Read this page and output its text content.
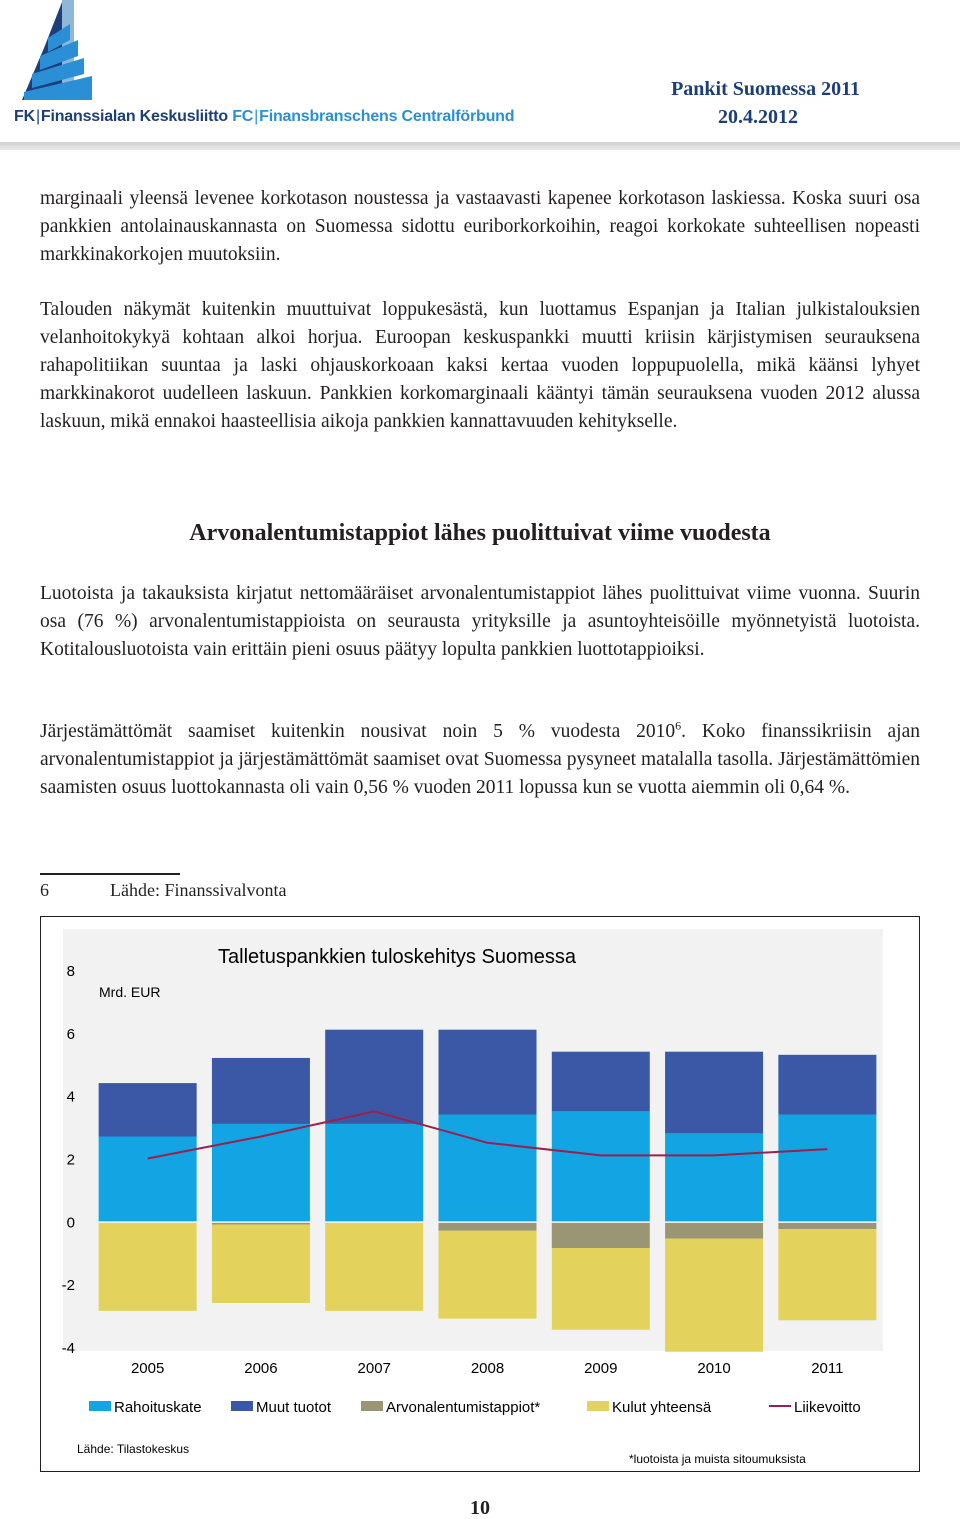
FK|Finanssialan Keskusliitto FC|Finansbranschens Centralförbund
Pankit Suomessa 2011
20.4.2012

marginaali yleensä levenee korkotason noustessa ja vastaavasti kapenee korkotason laskiessa. Koska suuri osa pankkien antolainauskannasta on Suomessa sidottu euriborkorkoihin, reagoi korkokate suhteellisen nopeasti markkinakorkojen muutoksiin.

Talouden näkymät kuitenkin muuttuivat loppukesästä, kun luottamus Espanjan ja Italian julkistalouksien velanhoitokykyä kohtaan alkoi horjua. Euroopan keskuspankki muutti kriisin kärjistymisen seurauksena rahapolitiikan suuntaa ja laski ohjauskorkoaan kaksi kertaa vuoden loppupuolella, mikä käänsi lyhyet markkinakorot uudelleen laskuun. Pankkien korkomarginaali kääntyi tämän seurauksena vuoden 2012 alussa laskuun, mikä ennakoi haasteellisia aikoja pankkien kannattavuuden kehitykselle.

Arvonalentumistappiot lähes puolittuivat viime vuodesta

Luotoista ja takauksista kirjatut nettomääräiset arvonalentumistappiot lähes puolittuivat viime vuonna. Suurin osa (76 %) arvonalentumistappioista on seurausta yrityksille ja asuntoyhteisöille myönnetyistä luotoista. Kotitalousluotoista vain erittäin pieni osuus päätyy lopulta pankkien luottotappioiksi.

Järjestämättömät saamiset kuitenkin nousivat noin 5 % vuodesta 2010$^6$. Koko finanssikriisin ajan arvonalentumistappiot ja järjestämättömät saamiset ovat Suomessa pysyneet matalalla tasolla. Järjestämättömien saamisten osuus luottokannasta oli vain 0,56 % vuoden 2011 lopussa kun se vuotta aiemmin oli 0,64 %.

6	Lähde: Finanssivalvonta
Talletuspankkien tuloskehitys Suomessa
Mrd. EUR
8
6
4
2
0
-2
-4
2005	2006	2007	2008	2009	2010	2011
Rahoituskate	Muut tuotot	Arvonalentumistappiot*	Kulut yhteensä	Liikevoitto
Lähde: Tilastokeskus
*luotoista ja muista sitoumuksista
10
